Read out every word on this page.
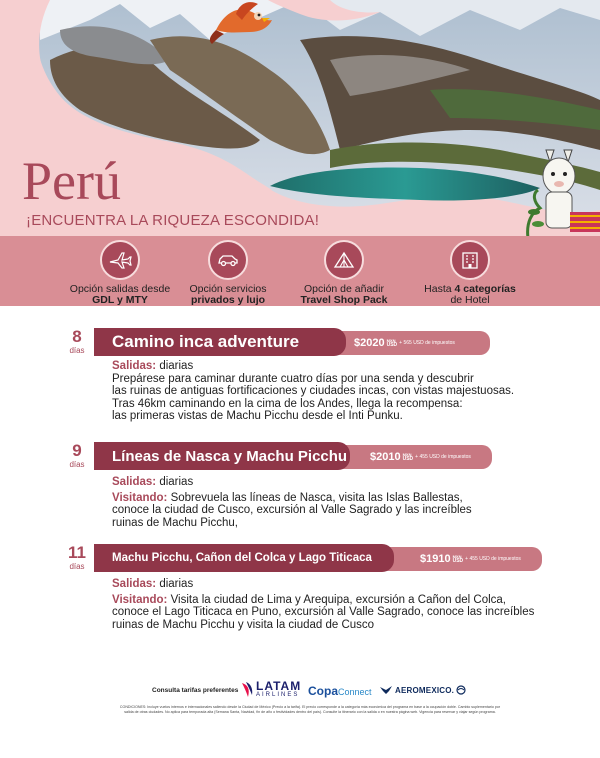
Perú
¡ENCUENTRA LA RIQUEZA ESCONDIDA!
Opción salidas desde
GDL y MTY
Opción servicios
privados y lujo
Opción de añadir
Travel Shop Pack
Hasta 4 categorías
de Hotel
8
días	Camino inca adventure	$2020 MXN
USD + 565 USD de impuestos
Salidas: diarias
Prepárese para caminar durante cuatro días por una senda y descubrir
las ruinas de antiguas fortificaciones y ciudades incas, con vistas majestuosas.
Tras 46km caminando en la cima de los Andes, llega la recompensa:
las primeras vistas de Machu Picchu desde el Inti Punku.
9
días	Líneas de Nasca y Machu Picchu $2010 MXN
USD + 455 USD de impuestos
Salidas: diarias
Visitando: Sobrevuela las líneas de Nasca, visita las Islas Ballestas,
conoce la ciudad de Cusco, excursión al Valle Sagrado y las increíbles
ruinas de Machu Picchu,
11
días
Machu Picchu, Cañon del Colca y Lago Titicaca	$1910 MXN
USD + 455 USD de impuestos
Salidas: diarias
Visitando: Visita la ciudad de Lima y Arequipa, excursión a Cañon del Colca,
conoce el Lago Titicaca en Puno, excursión al Valle Sagrado, conoce las increíbles
ruinas de Machu Picchu y visita la ciudad de Cusco
Consulta tarifas preferentes LATAM
AIRLINES CopaConnect	AEROMEXICO.
CONDICIONES: Incluye vuelos internos e internacionales saliendo desde la Ciudad de México (Precio a la tarifa). El precio corresponde a la categoría más económica del programa en base a la ocupación doble. Cambio suplementario por
salida de otras ciudades. No aplica para temporada alta (Semana Santa, Navidad, fin de año o festividades dentro del país). Consulte la itinerario con la salida o en nuestra página web. Vigencia para reservar y viajar según programa.
